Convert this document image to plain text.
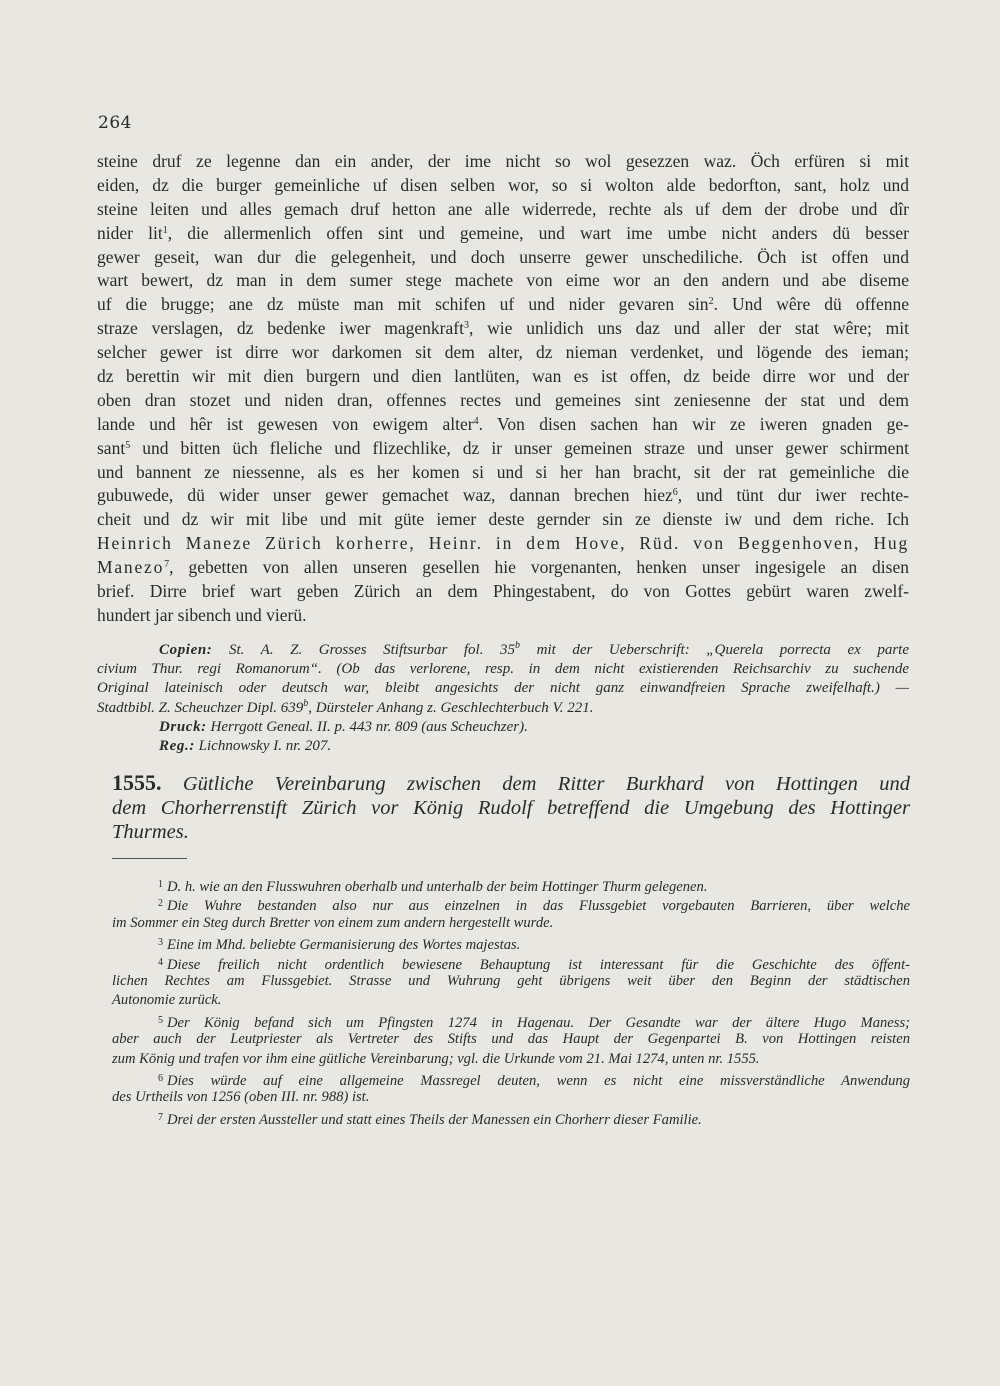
264
steine druf ze legenne dan ein ander, der ime nicht so wol gesezzen waz. Öch erfüren si mit
eiden, dz die burger gemeinliche uf disen selben wor, so si wolton alde bedorfton, sant, holz und
steine leiten und alles gemach druf hetton ane alle widerrede, rechte als uf dem der drobe und dîr
nider lit$^1$, die allermenlich offen sint und gemeine, und wart ime umbe nicht anders dü besser
gewer geseit, wan dur die gelegenheit, und doch unserre gewer unschediliche. Öch ist offen und
wart bewert, dz man in dem sumer stege machete von eime wor an den andern und abe diseme
uf die brugge; ane dz müste man mit schifen uf und nider gevaren $\sin^2$. Und wêre dü offenne
straze verslagen, dz bedenke iwer magenkraft$^3$, wie unlidich uns daz und aller der stat wêre; mit
selcher gewer ist dirre wor darkomen sit dem alter, dz nieman verdenket, und lögende des ieman;
dz berettin wir mit dien burgern und dien lantlüten, wan es ist offen, dz beide dirre wor und der
oben dran stozet und niden dran, offennes rectes und gemeines sint zeniesenne der stat und dem
lande und hêr ist gewesen von ewigem alter$^4$. Von disen sachen han wir ze iweren gnaden ge-
sant$^5$ und bitten üch fleliche und flizechlike, dz ir unser gemeinen straze und unser gewer schirment
und bannent ze niessenne, als es her komen si und si her han bracht, sit der rat gemeinliche die
gubuwede, dü wider unser gewer gemachet waz, dannan brechen hiez$^6$, und tünt dur iwer rechte-
cheit und dz wir mit libe und mit güte iemer deste gernder sin ze dienste iw und dem riche. Ich
Heinrich Maneze Zürich korherre, Heinr. in dem Hove, Rüd. von Beggenhoven, Hug
Manezo$^7$, gebetten von allen unseren gesellen hie vorgenanten, henken unser ingesigele an disen
brief. Dirre brief wart geben Zürich an dem Phingestabent, do von Gottes gebürt waren zwelf-
hundert jar sibench und vierü.
Copien: St. A. Z. Grosses Stiftsurbar fol. 35$^b$ mit der Ueberschrift: „Querela porrecta ex parte
civium Thur. regi Romanorum“. (Ob das verlorene, resp. in dem nicht existierenden Reichsarchiv zu suchende
Original lateinisch oder deutsch war, bleibt angesichts der nicht ganz einwandfreien Sprache zweifelhaft.) —
Stadtbibl. Z. Scheuchzer Dipl. 639$^b$, Dürsteler Anhang z. Geschlechterbuch V. 221.
Druck: Herrgott Geneal. II. p. 443 nr. 809 (aus Scheuchzer).
Reg.: Lichnowsky I. nr. 207.
1555. Gütliche Vereinbarung zwischen dem Ritter Burkhard von Hottingen und
dem Chorherrenstift Zürich vor König Rudolf betreffend die Umgebung des Hottinger
Thurmes.
$^1$ D. h. wie an den Flusswuhren oberhalb und unterhalb der beim Hottinger Thurm gelegenen.
$^2$ Die Wuhre bestanden also nur aus einzelnen in das Flussgebiet vorgebauten Barrieren, über welche
im Sommer ein Steg durch Bretter von einem zum andern hergestellt wurde.
$^3$ Eine im Mhd. beliebte Germanisierung des Wortes majestas.
$^4$ Diese freilich nicht ordentlich bewiesene Behauptung ist interessant für die Geschichte des öffent-
lichen Rechtes am Flussgebiet. Strasse und Wuhrung geht übrigens weit über den Beginn der städtischen
Autonomie zurück.
$^5$ Der König befand sich um Pfingsten 1274 in Hagenau. Der Gesandte war der ältere Hugo Maness;
aber auch der Leutpriester als Vertreter des Stifts und das Haupt der Gegenpartei B. von Hottingen reisten
zum König und trafen vor ihm eine gütliche Vereinbarung; vgl. die Urkunde vom 21. Mai 1274, unten nr. 1555.
$^6$ Dies würde auf eine allgemeine Massregel deuten, wenn es nicht eine missverständliche Anwendung
des Urtheils von 1256 (oben III. nr. 988) ist.
$^7$ Drei der ersten Aussteller und statt eines Theils der Manessen ein Chorherr dieser Familie.
